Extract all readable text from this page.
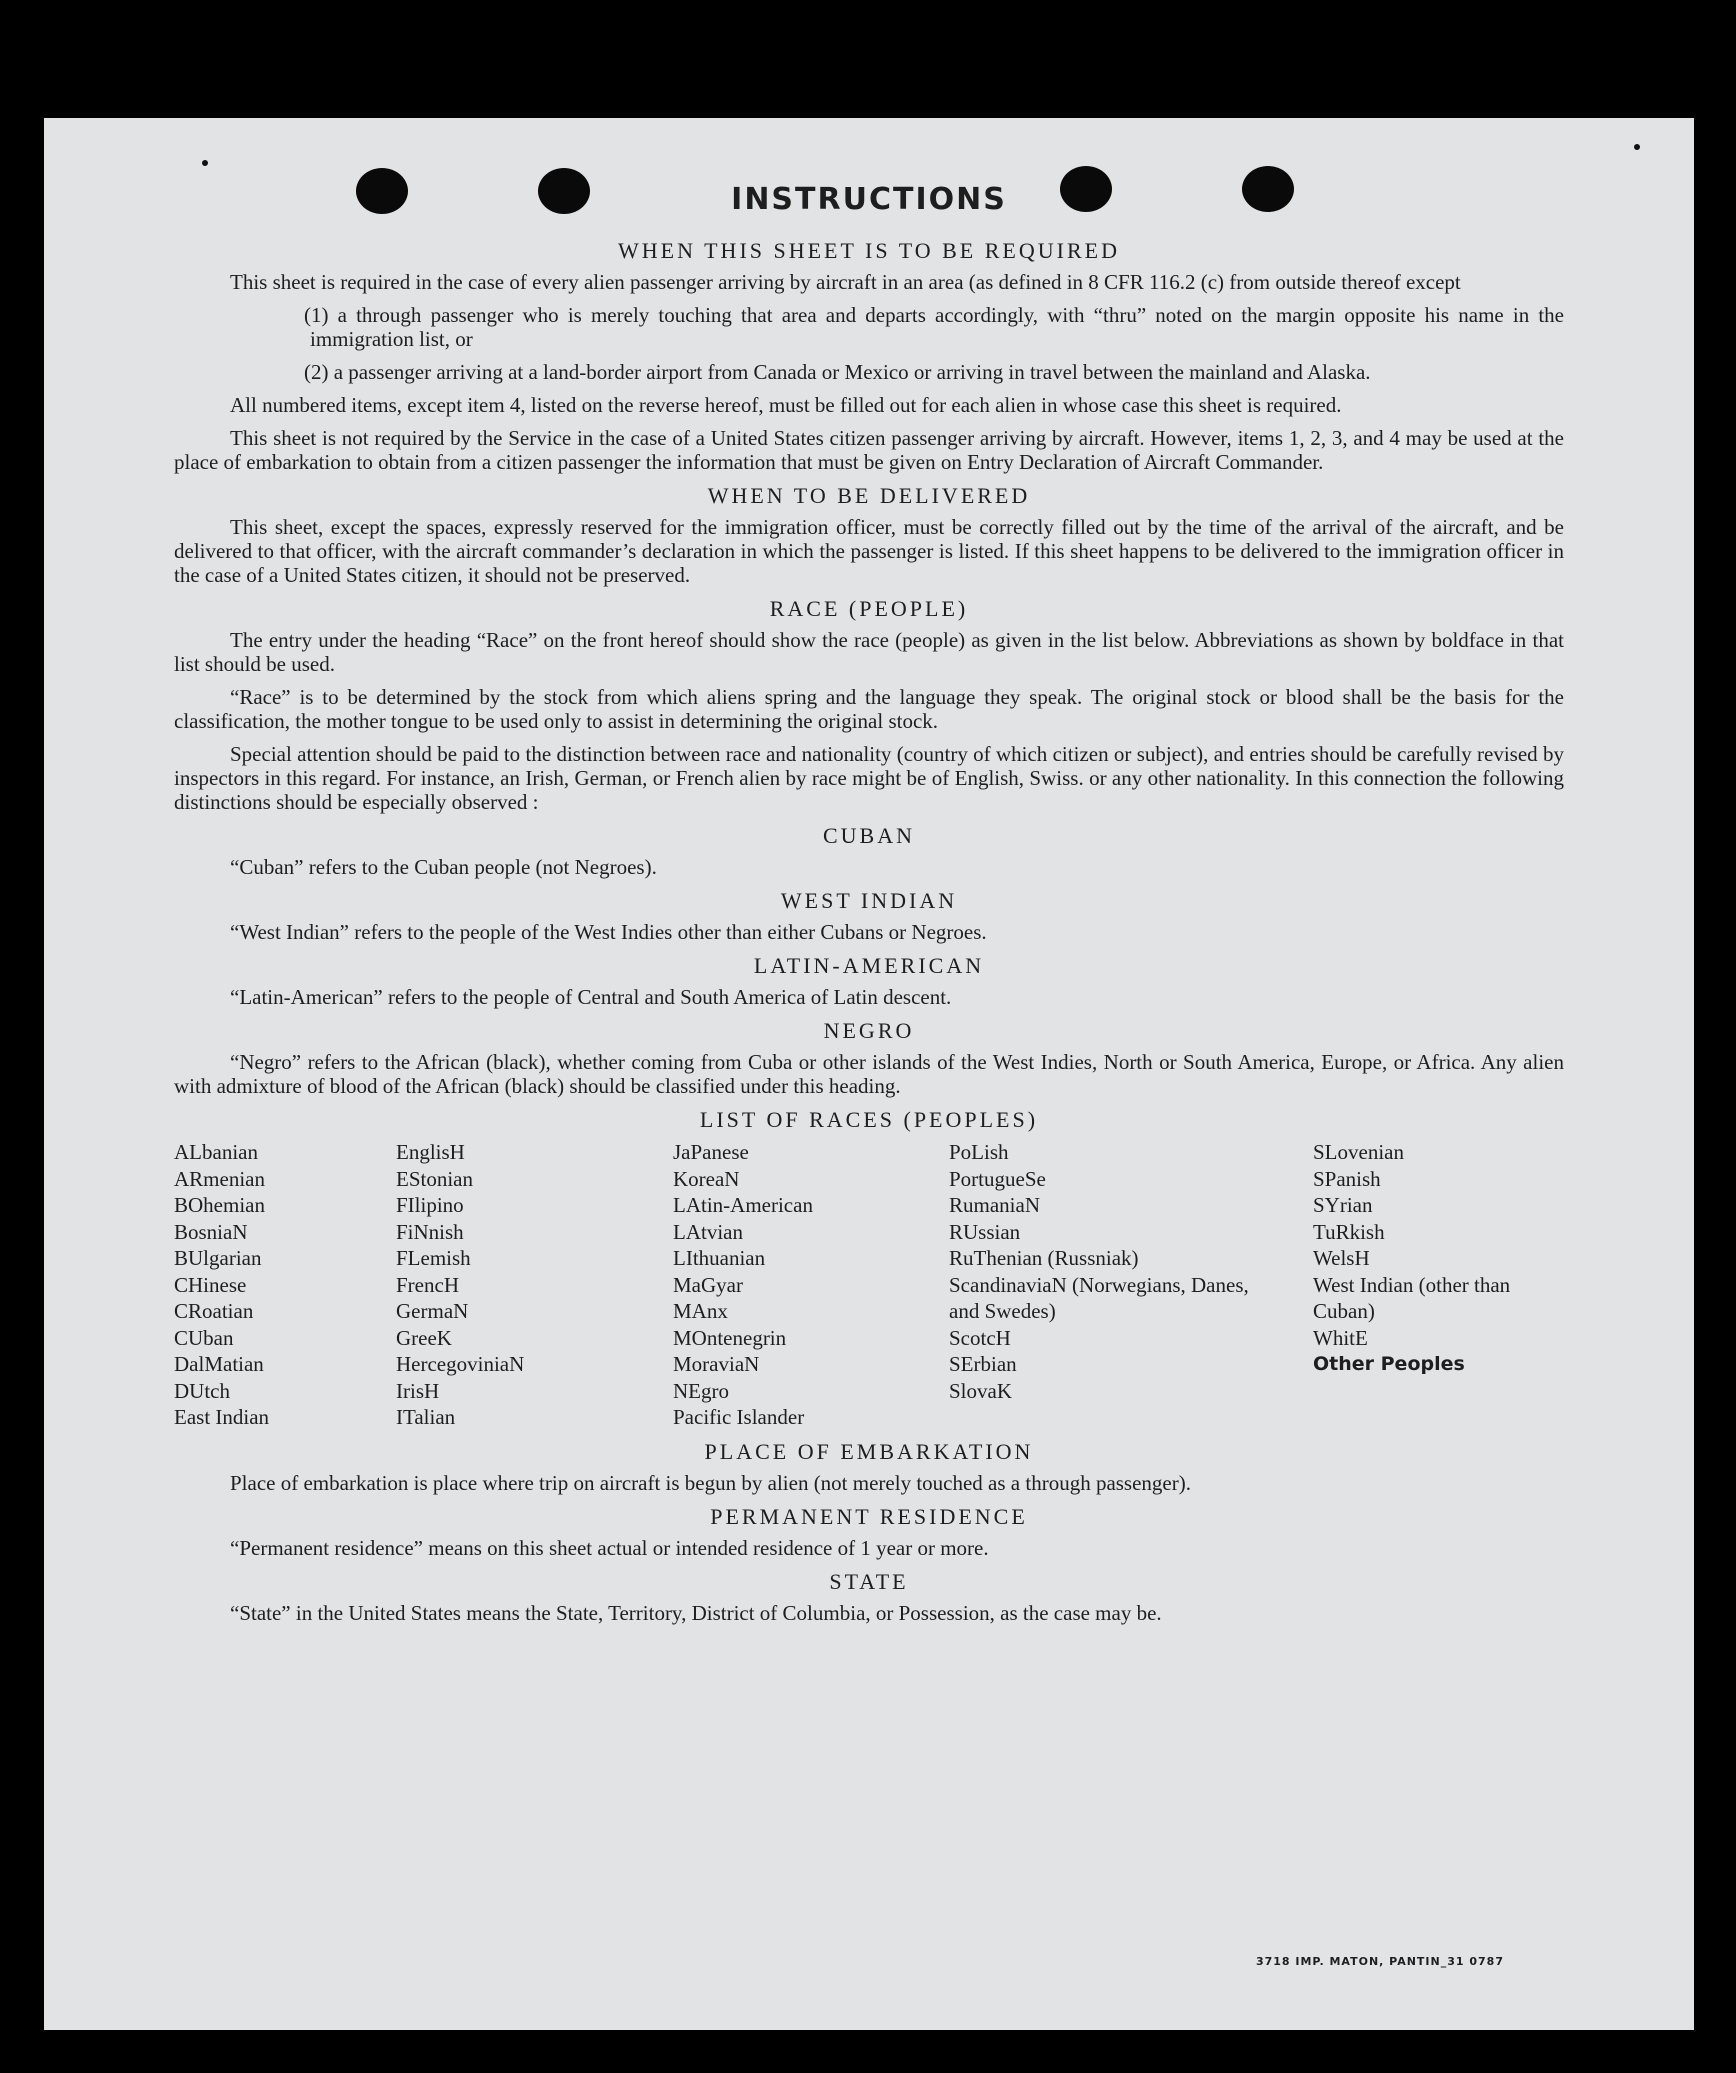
INSTRUCTIONS
WHEN THIS SHEET IS TO BE REQUIRED

This sheet is required in the case of every alien passenger arriving by aircraft in an area (as defined in 8 CFR 116.2 (c) from outside thereof except

(1) a through passenger who is merely touching that area and departs accordingly, with “thru” noted on the margin opposite his name in the immigration list, or

(2) a passenger arriving at a land-border airport from Canada or Mexico or arriving in travel between the mainland and Alaska.

All numbered items, except item 4, listed on the reverse hereof, must be filled out for each alien in whose case this sheet is required.

This sheet is not required by the Service in the case of a United States citizen passenger arriving by aircraft. However, items 1, 2, 3, and 4 may be used at the place of embarkation to obtain from a citizen passenger the information that must be given on Entry Declaration of Aircraft Commander.

WHEN TO BE DELIVERED

This sheet, except the spaces, expressly reserved for the immigration officer, must be correctly filled out by the time of the arrival of the aircraft, and be delivered to that officer, with the aircraft commander’s declaration in which the passenger is listed. If this sheet happens to be delivered to the immigration officer in the case of a United States citizen, it should not be preserved.

RACE (PEOPLE)

The entry under the heading “Race” on the front hereof should show the race (people) as given in the list below. Abbreviations as shown by boldface in that list should be used.

“Race” is to be determined by the stock from which aliens spring and the language they speak. The original stock or blood shall be the basis for the classification, the mother tongue to be used only to assist in determining the original stock.

Special attention should be paid to the distinction between race and nationality (country of which citizen or subject), and entries should be carefully revised by inspectors in this regard. For instance, an Irish, German, or French alien by race might be of English, Swiss. or any other nationality. In this connection the following distinctions should be especially observed :

CUBAN

“Cuban” refers to the Cuban people (not Negroes).

WEST INDIAN

“West Indian” refers to the people of the West Indies other than either Cubans or Negroes.

LATIN-AMERICAN

“Latin-American” refers to the people of Central and South America of Latin descent.

NEGRO

“Negro” refers to the African (black), whether coming from Cuba or other islands of the West Indies, North or South America, Europe, or Africa. Any alien with admixture of blood of the African (black) should be classified under this heading.

LIST OF RACES (PEOPLES)
ALbanian
ARmenian
BOhemian
BosniaN
BUlgarian
CHinese
CRoatian
CUban
DalMatian
DUtch
East Indian
EnglisH
EStonian
FIlipino
FiNnish
FLemish
FrencH
GermaN
GreeK
HercegoviniaN
IrisH
ITalian
JaPanese
KoreaN
LAtin-American
LAtvian
LIthuanian
MaGyar
MAnx
MOntenegrin
MoraviaN
NEgro
Pacific Islander
PoLish
PortugueSe
RumaniaN
RUssian
RuThenian (Russniak)
ScandinaviaN (Norwegians, Danes, and Swedes)
ScotcH
SErbian
SlovaK
SLovenian
SPanish
SYrian
TuRkish
WelsH
West Indian (other than Cuban)
WhitE
Other Peoples
PLACE OF EMBARKATION

Place of embarkation is place where trip on aircraft is begun by alien (not merely touched as a through passenger).

PERMANENT RESIDENCE

“Permanent residence” means on this sheet actual or intended residence of 1 year or more.

STATE

“State” in the United States means the State, Territory, District of Columbia, or Possession, as the case may be.

3718 IMP. MATON, PANTIN_31 0787
